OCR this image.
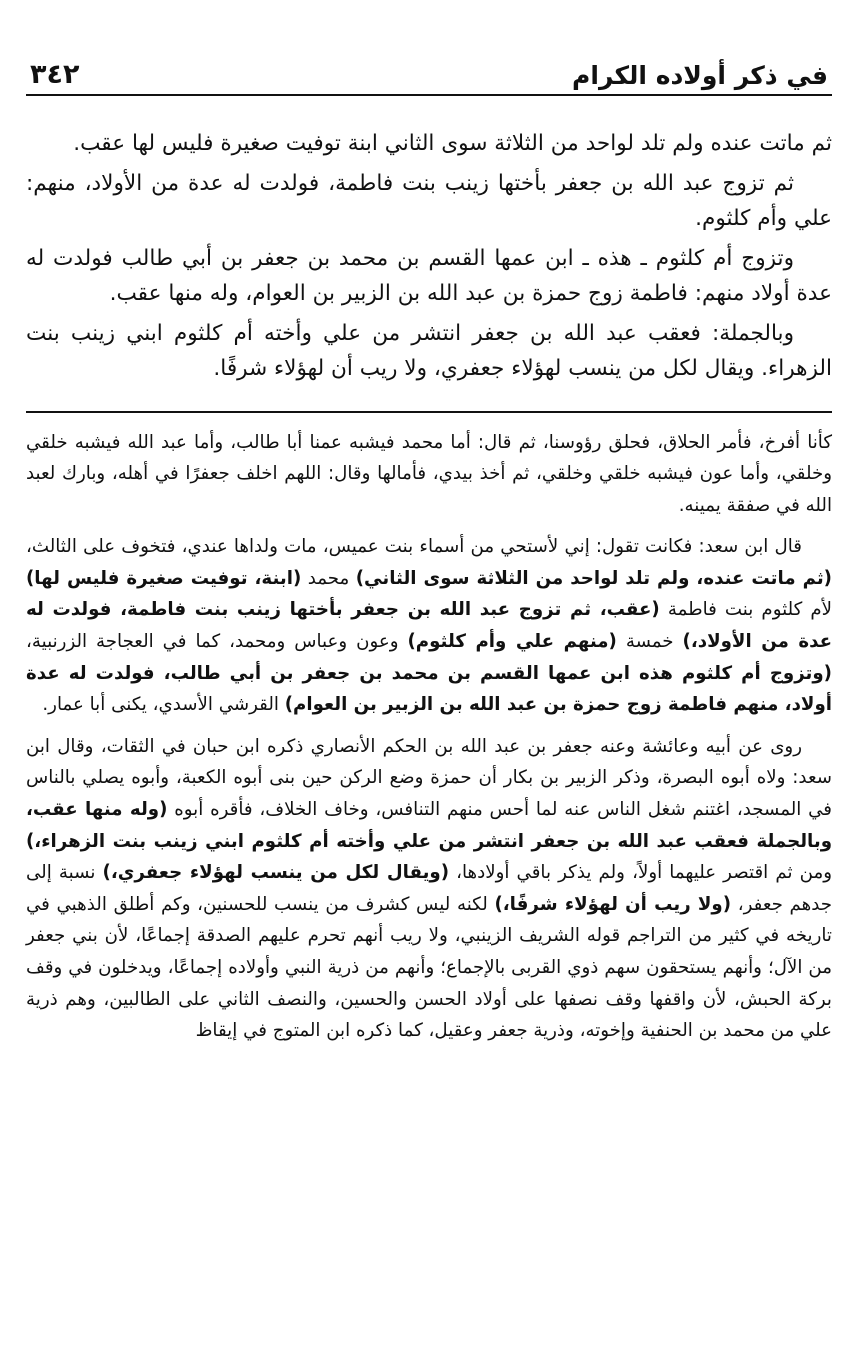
في ذكر أولاده الكرام
٣٤٢

ثم ماتت عنده ولم تلد لواحد من الثلاثة سوى الثاني ابنة توفيت صغيرة فليس لها عقب.

ثم تزوج عبد الله بن جعفر بأختها زينب بنت فاطمة، فولدت له عدة من الأولاد، منهم: علي وأم كلثوم.

وتزوج أم كلثوم ـ هذه ـ ابن عمها القسم بن محمد بن جعفر بن أبي طالب فولدت له عدة أولاد منهم: فاطمة زوج حمزة بن عبد الله بن الزبير بن العوام، وله منها عقب.

وبالجملة: فعقب عبد الله بن جعفر انتشر من علي وأخته أم كلثوم ابني زينب بنت الزهراء. ويقال لكل من ينسب لهؤلاء جعفري، ولا ريب أن لهؤلاء شرفًا.

كأنا أفرخ، فأمر الحلاق، فحلق رؤوسنا، ثم قال: أما محمد فيشبه عمنا أبا طالب، وأما عبد الله فيشبه خلقي وخلقي، وأما عون فيشبه خلقي وخلقي، ثم أخذ بيدي، فأمالها وقال: اللهم اخلف جعفرًا في أهله، وبارك لعبد الله في صفقة يمينه.

قال ابن سعد: فكانت تقول: إني لأستحي من أسماء بنت عميس، مات ولداها عندي، فتخوف على الثالث، (ثم ماتت عنده، ولم تلد لواحد من الثلاثة سوى الثاني) محمد (ابنة، توفيت صغيرة فليس لها) لأم كلثوم بنت فاطمة (عقب، ثم تزوج عبد الله بن جعفر بأختها زينب بنت فاطمة، فولدت له عدة من الأولاد،) خمسة (منهم علي وأم كلثوم) وعون وعباس ومحمد، كما في العجاجة الزرنبية، (وتزوج أم كلثوم هذه ابن عمها القسم بن محمد بن جعفر بن أبي طالب، فولدت له عدة أولاد، منهم فاطمة زوج حمزة بن عبد الله بن الزبير بن العوام) القرشي الأسدي، يكنى أبا عمار.

روى عن أبيه وعائشة وعنه جعفر بن عبد الله بن الحكم الأنصاري ذكره ابن حبان في الثقات، وقال ابن سعد: ولاه أبوه البصرة، وذكر الزبير بن بكار أن حمزة وضع الركن حين بنى أبوه الكعبة، وأبوه يصلي بالناس في المسجد، اغتنم شغل الناس عنه لما أحس منهم التنافس، وخاف الخلاف، فأقره أبوه (وله منها عقب، وبالجملة فعقب عبد الله بن جعفر انتشر من علي وأخته أم كلثوم ابني زينب بنت الزهراء،) ومن ثم اقتصر عليهما أولاً، ولم يذكر باقي أولادها، (ويقال لكل من ينسب لهؤلاء جعفري،) نسبة إلى جدهم جعفر، (ولا ريب أن لهؤلاء شرفًا،) لكنه ليس كشرف من ينسب للحسنين، وكم أطلق الذهبي في تاريخه في كثير من التراجم قوله الشريف الزينبي، ولا ريب أنهم تحرم عليهم الصدقة إجماعًا، لأن بني جعفر من الآل؛ وأنهم يستحقون سهم ذوي القربى بالإجماع؛ وأنهم من ذرية النبي وأولاده إجماعًا، ويدخلون في وقف بركة الحبش، لأن واقفها وقف نصفها على أولاد الحسن والحسين، والنصف الثاني على الطالبين، وهم ذرية علي من محمد بن الحنفية وإخوته، وذرية جعفر وعقيل، كما ذكره ابن المتوج في إيقاظ
